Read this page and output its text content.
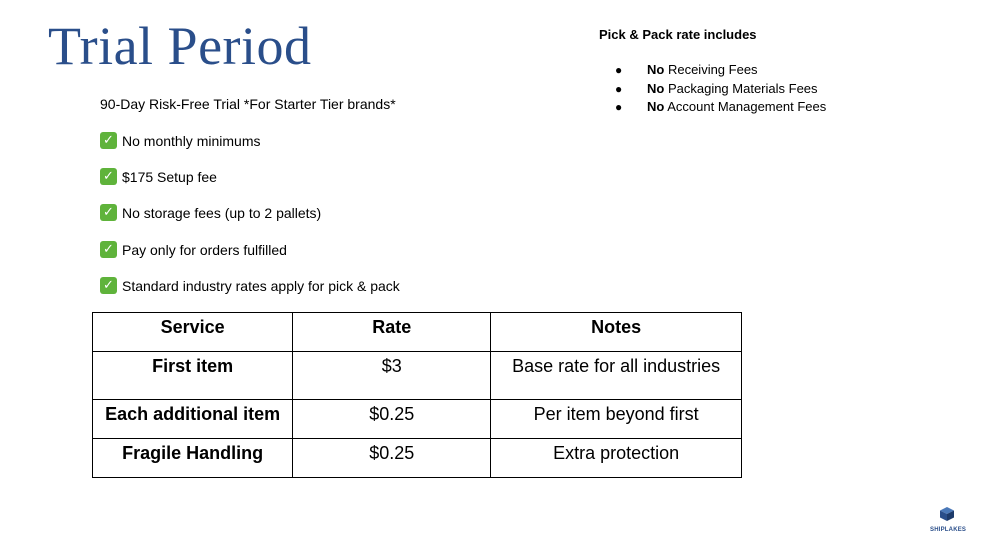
Trial Period
90-Day Risk-Free Trial *For Starter Tier brands*
✓ No monthly minimums
✓ $175 Setup fee
✓ No storage fees (up to 2 pallets)
✓ Pay only for orders fulfilled
✓ Standard industry rates apply for pick & pack
Pick & Pack rate includes
● No Receiving Fees
● No Packaging Materials Fees
● No Account Management Fees
Service	Rate	Notes
First item	$3	Base rate for all industries
Each additional item	$0.25	Per item beyond first
Fragile Handling	$0.25	Extra protection
SHIPLAKES
